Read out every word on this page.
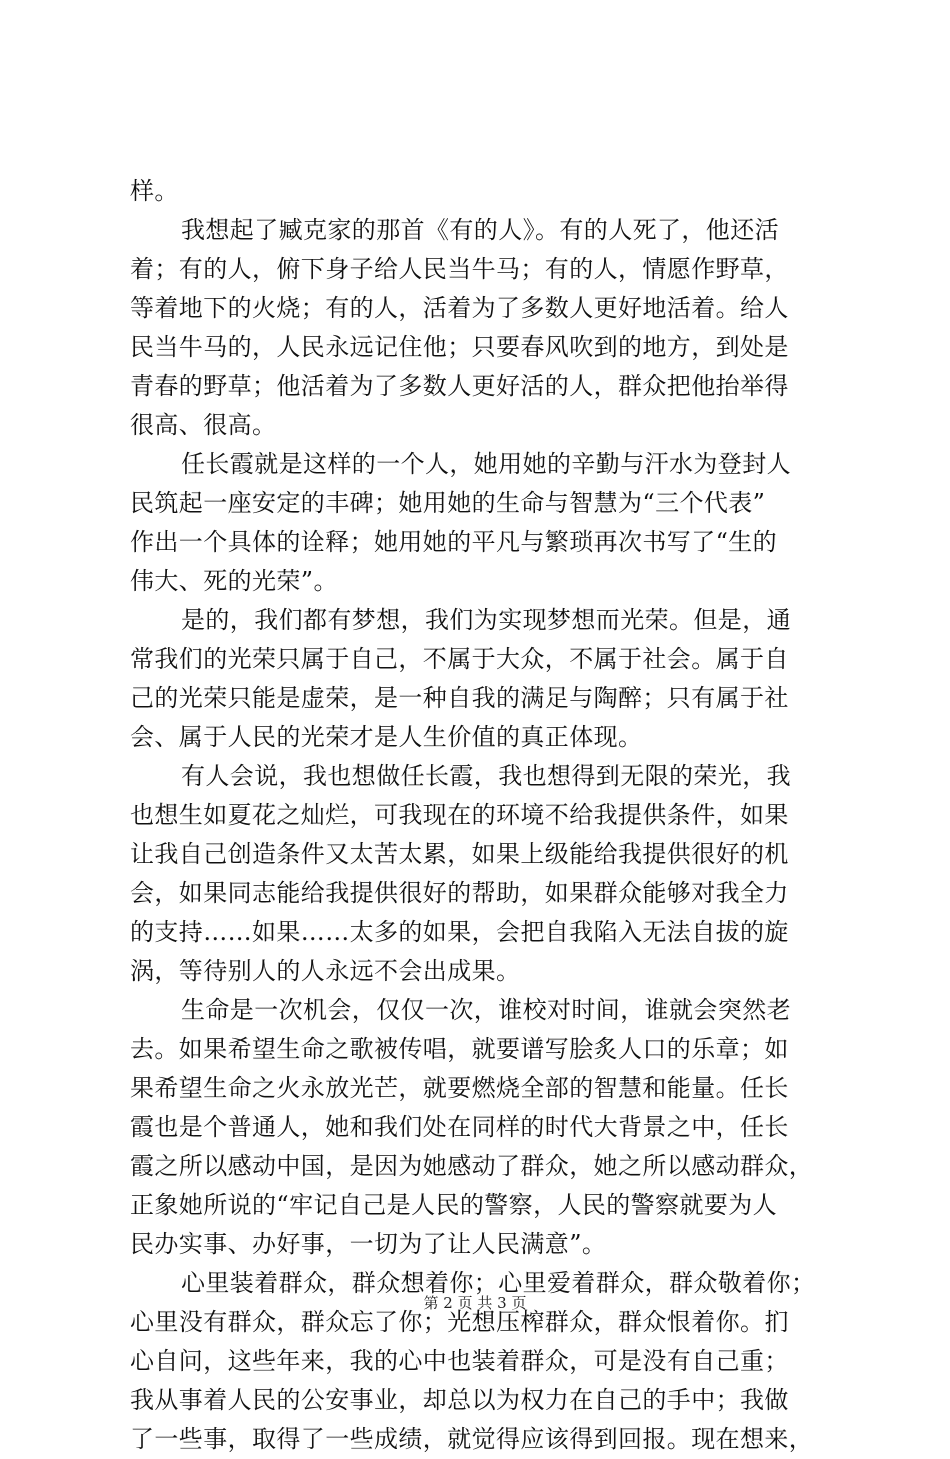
样。
我想起了臧克家的那首《有的人》。有的人死了，他还活
着；有的人，俯下身子给人民当牛马；有的人，情愿作野草，
等着地下的火烧；有的人，活着为了多数人更好地活着。给人
民当牛马的，人民永远记住他；只要春风吹到的地方，到处是
青春的野草；他活着为了多数人更好活的人，群众把他抬举得
很高、很高。
任长霞就是这样的一个人，她用她的辛勤与汗水为登封人
民筑起一座安定的丰碑；她用她的生命与智慧为“三个代表”
作出一个具体的诠释；她用她的平凡与繁琐再次书写了“生的
伟大、死的光荣”。
是的，我们都有梦想，我们为实现梦想而光荣。但是，通
常我们的光荣只属于自己，不属于大众，不属于社会。属于自
己的光荣只能是虚荣，是一种自我的满足与陶醉；只有属于社
会、属于人民的光荣才是人生价值的真正体现。
有人会说，我也想做任长霞，我也想得到无限的荣光，我
也想生如夏花之灿烂，可我现在的环境不给我提供条件，如果
让我自己创造条件又太苦太累，如果上级能给我提供很好的机
会，如果同志能给我提供很好的帮助，如果群众能够对我全力
的支持……如果……太多的如果，会把自我陷入无法自拔的旋
涡，等待别人的人永远不会出成果。
生命是一次机会，仅仅一次，谁校对时间，谁就会突然老
去。如果希望生命之歌被传唱，就要谱写脍炙人口的乐章；如
果希望生命之火永放光芒，就要燃烧全部的智慧和能量。任长
霞也是个普通人，她和我们处在同样的时代大背景之中，任长
霞之所以感动中国，是因为她感动了群众，她之所以感动群众，
正象她所说的“牢记自己是人民的警察，人民的警察就要为人
民办实事、办好事，一切为了让人民满意”。
心里装着群众，群众想着你；心里爱着群众，群众敬着你；
心里没有群众，群众忘了你；光想压榨群众，群众恨着你。扪
心自问，这些年来，我的心中也装着群众，可是没有自己重；
我从事着人民的公安事业，却总以为权力在自己的手中；我做
了一些事，取得了一些成绩，就觉得应该得到回报。现在想来，
第 2 页 共 3 页
